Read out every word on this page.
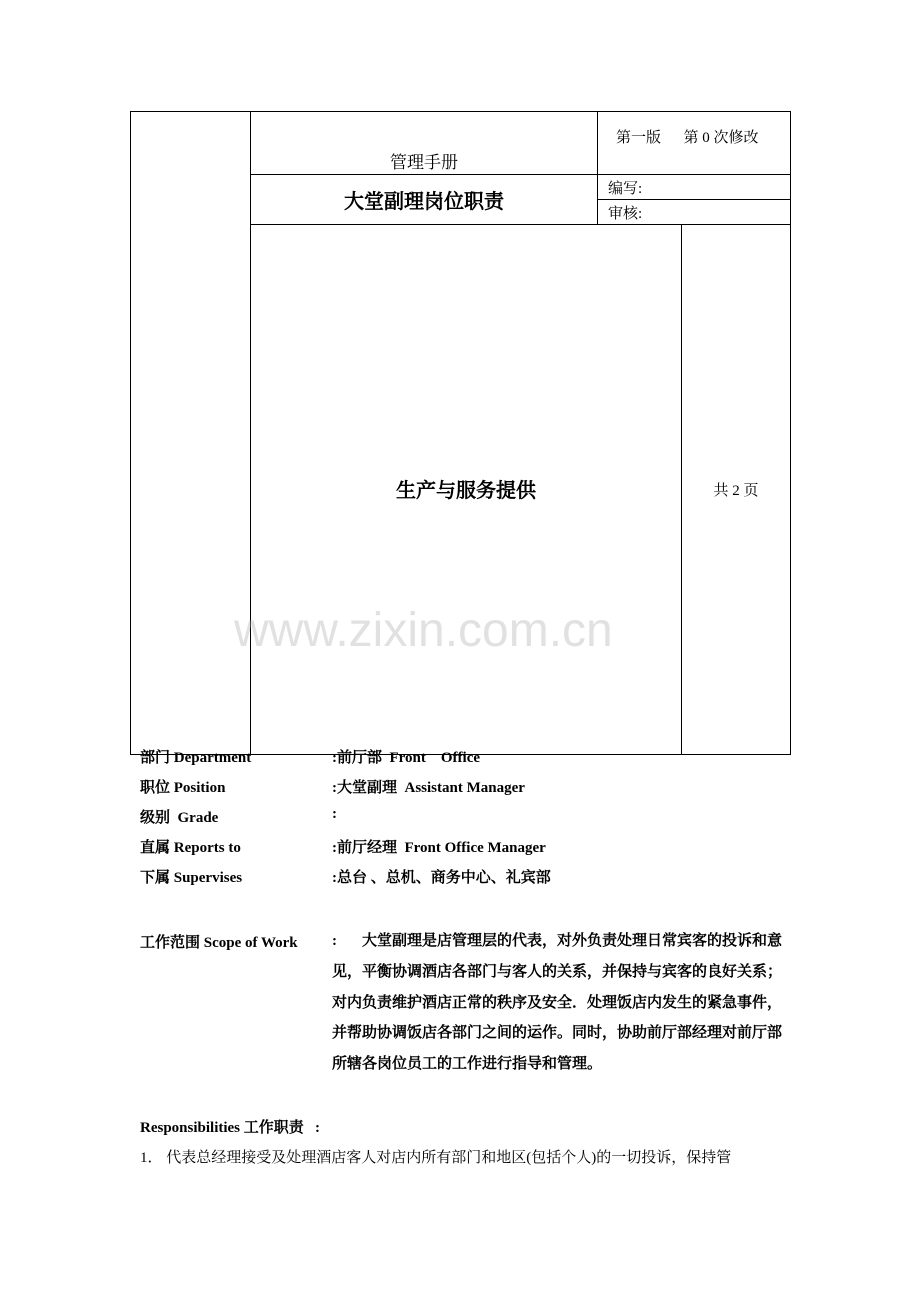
	管理手册	第一版      第 0 次修改	
	大堂副理岗位职责	编写:	
		审核:	
	生产与服务提供		共 2 页
www.zixin.com.cn
部门 Department	:前厅部  Front    Office
职位 Position	:大堂副理  Assistant Manager
级别  Grade	:
直属 Reports to	:前厅经理  Front Office Manager
下属 Supervises	:总台 、总机、商务中心、礼宾部
工作范围 Scope of Work : 大堂副理是店管理层的代表，对外负责处理日常宾客的投诉和意见，平衡协调酒店各部门与客人的关系，并保持与宾客的良好关系；对内负责维护酒店正常的秩序及安全．处理饭店内发生的紧急事件，并帮助协调饭店各部门之间的运作。同时，协助前厅部经理对前厅部所辖各岗位员工的工作进行指导和管理。
Responsibilities 工作职责   :
1． 代表总经理接受及处理酒店客人对店内所有部门和地区(包括个人)的一切投诉，保持管
